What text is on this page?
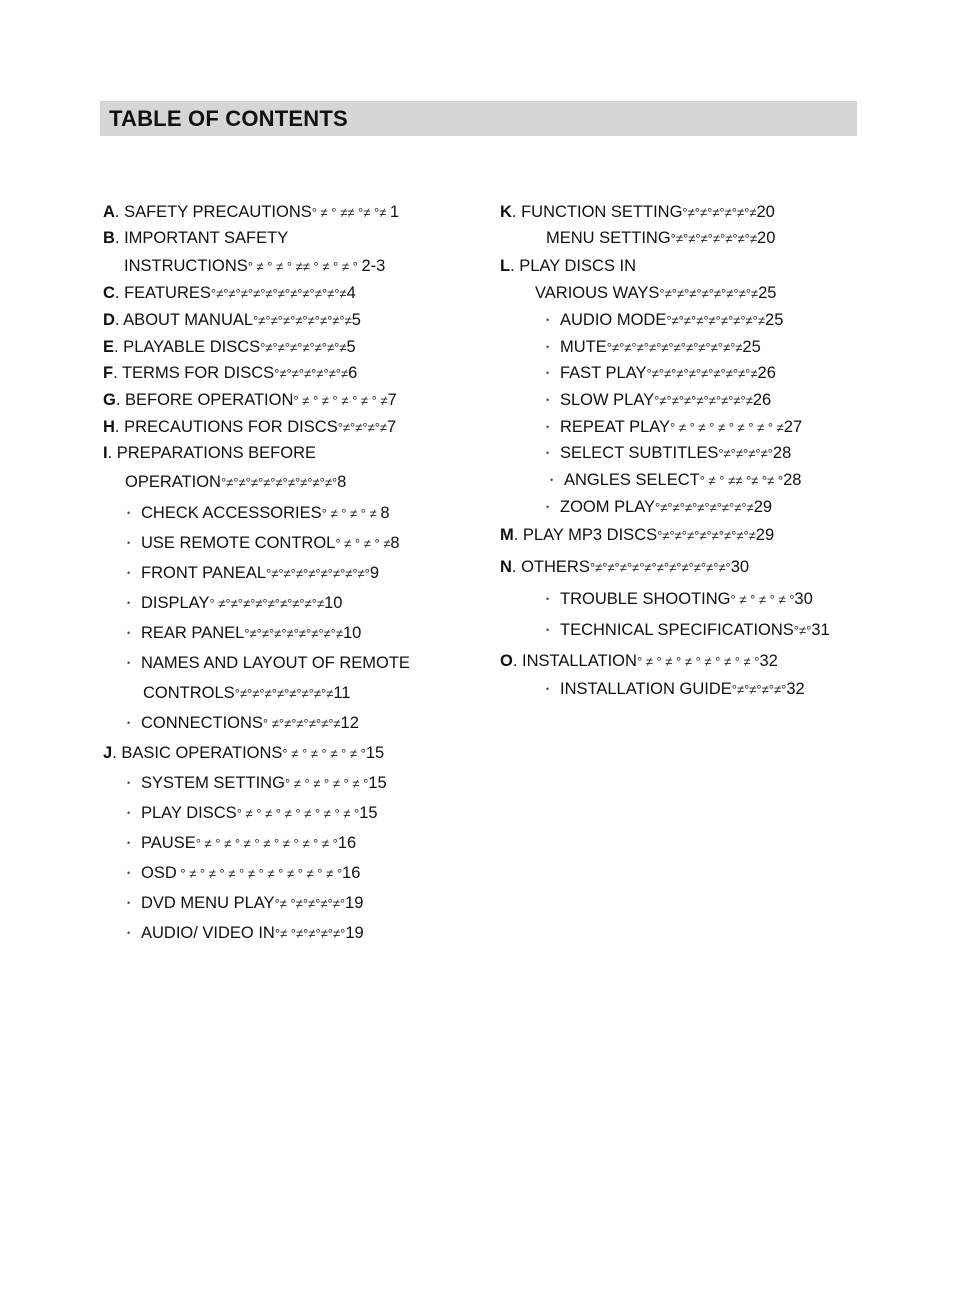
TABLE OF CONTENTS
A. SAFETY PRECAUTIONS° ≠ ° ≠≠ °≠ °≠ 1
B. IMPORTANT SAFETY
INSTRUCTIONS° ≠ ° ≠ ° ≠≠ ° ≠ ° ≠ ° 2-3
C. FEATURES°≠°≠°≠°≠°≠°≠°≠°≠°≠°≠°≠4
D. ABOUT MANUAL°≠°≠°≠°≠°≠°≠°≠°≠5
E. PLAYABLE DISCS°≠°≠°≠°≠°≠°≠°≠5
F. TERMS FOR DISCS°≠°≠°≠°≠°≠°≠6
G. BEFORE OPERATION° ≠ ° ≠ ° ≠ ° ≠ ° ≠7
H. PRECAUTIONS FOR DISCS°≠°≠°≠°≠7
I. PREPARATIONS BEFORE
OPERATION°≠°≠°≠°≠°≠°≠°≠°≠°≠°8
• CHECK ACCESSORIES° ≠ ° ≠ ° ≠ 8
• USE REMOTE CONTROL° ≠ ° ≠ ° ≠8
• FRONT PANEAL°≠°≠°≠°≠°≠°≠°≠°≠°9
• DISPLAY° ≠°≠°≠°≠°≠°≠°≠°≠°≠10
• REAR PANEL°≠°≠°≠°≠°≠°≠°≠°≠10
• NAMES AND LAYOUT OF REMOTE
CONTROLS°≠°≠°≠°≠°≠°≠°≠°≠11
• CONNECTIONS° ≠°≠°≠°≠°≠°≠12
J. BASIC OPERATIONS° ≠ ° ≠ ° ≠ ° ≠ °15
• SYSTEM SETTING° ≠ ° ≠ ° ≠ ° ≠ °15
• PLAY DISCS° ≠ ° ≠ ° ≠ ° ≠ ° ≠ ° ≠ °15
• PAUSE° ≠ ° ≠ ° ≠ ° ≠ ° ≠ ° ≠ ° ≠ °16
• OSD ° ≠ ° ≠ ° ≠ ° ≠ ° ≠ ° ≠ ° ≠ ° ≠ °16
• DVD MENU PLAY°≠ °≠°≠°≠°≠°19
• AUDIO/ VIDEO IN°≠ °≠°≠°≠°≠°19
K. FUNCTION SETTING°≠°≠°≠°≠°≠°≠20
MENU SETTING°≠°≠°≠°≠°≠°≠°≠20
L. PLAY DISCS IN
VARIOUS WAYS°≠°≠°≠°≠°≠°≠°≠°≠25
• AUDIO MODE°≠°≠°≠°≠°≠°≠°≠°≠25
• MUTE°≠°≠°≠°≠°≠°≠°≠°≠°≠°≠°≠25
• FAST PLAY°≠°≠°≠°≠°≠°≠°≠°≠°≠26
• SLOW PLAY°≠°≠°≠°≠°≠°≠°≠°≠26
• REPEAT PLAY° ≠ ° ≠ ° ≠ ° ≠ ° ≠ ° ≠27
• SELECT SUBTITLES°≠°≠°≠°≠°28
• ANGLES SELECT° ≠ ° ≠≠ °≠ °≠ °28
• ZOOM PLAY°≠°≠°≠°≠°≠°≠°≠°≠29
M. PLAY MP3 DISCS°≠°≠°≠°≠°≠°≠°≠°≠29
N. OTHERS°≠°≠°≠°≠°≠°≠°≠°≠°≠°≠°≠°30
• TROUBLE SHOOTING° ≠ ° ≠ ° ≠ °30
• TECHNICAL SPECIFICATIONS°≠°31
O. INSTALLATION° ≠ ° ≠ ° ≠ ° ≠ ° ≠ ° ≠ °32
• INSTALLATION GUIDE°≠°≠°≠°≠°32
